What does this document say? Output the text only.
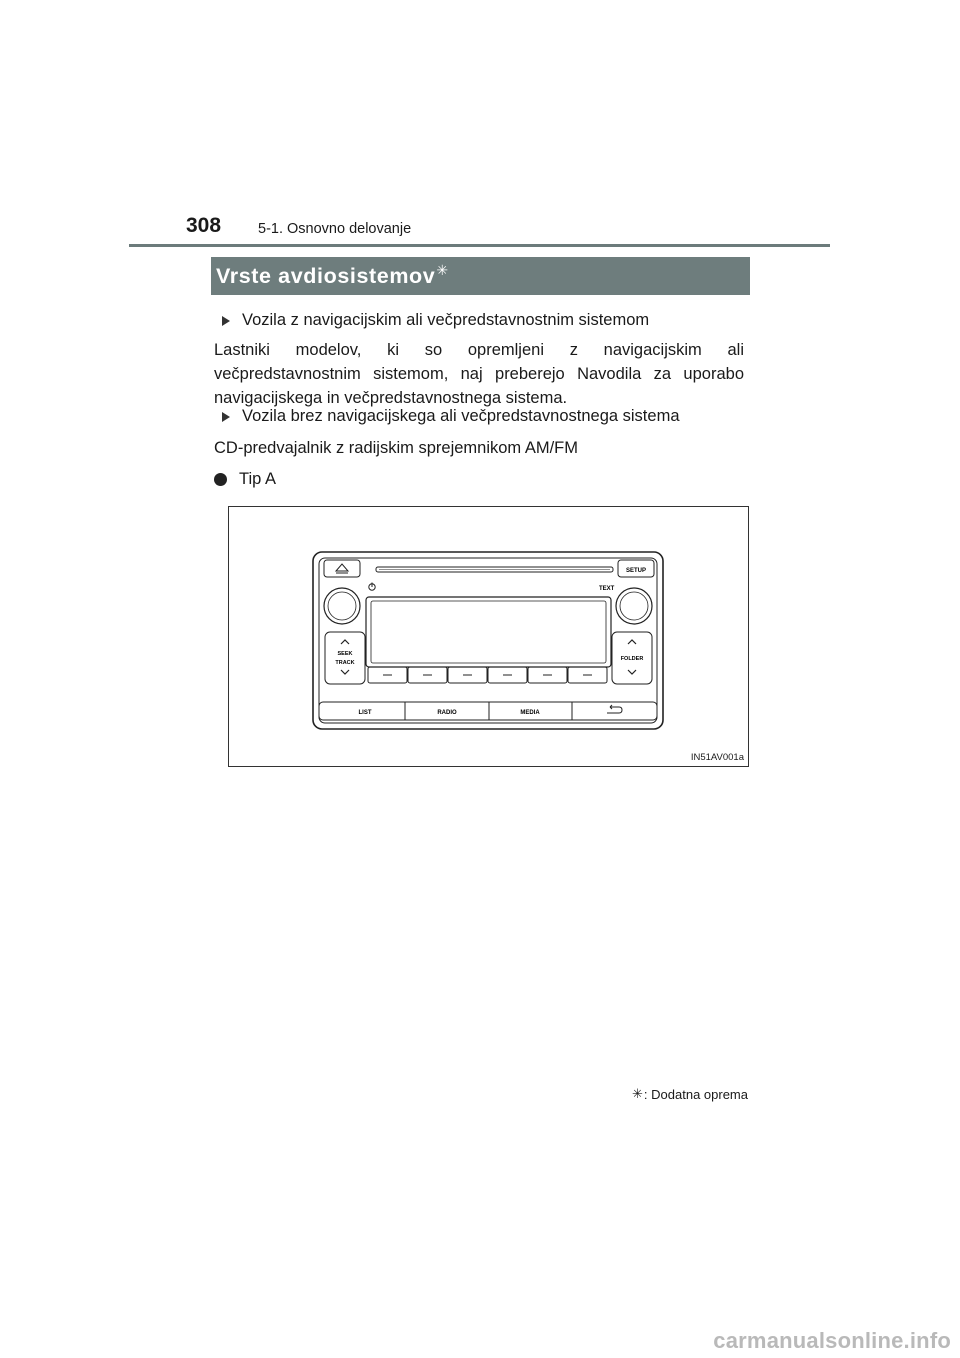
308	5-1. Osnovno delovanje
Vrste avdiosistemov✳
Vozila z navigacijskim ali večpredstavnostnim sistemom
Lastniki modelov, ki so opremljeni z navigacijskim ali večpredstavnostnim sistemom, naj preberejo Navodila za uporabo navigacijskega in večpredstavnostnega sistema.
Vozila brez navigacijskega ali večpredstavnostnega sistema
CD-predvajalnik z radijskim sprejemnikom AM/FM
Tip A
SETUP
TEXT
SEEK
TRACK
FOLDER
LIST	RADIO	MEDIA
IN51AV001a
✳ : Dodatna oprema
carmanualsonline.info
